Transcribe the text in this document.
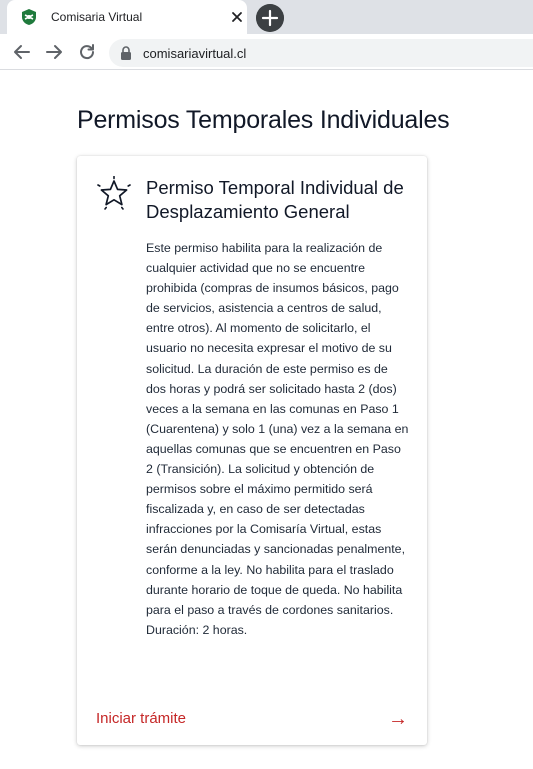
Comisaria Virtual
comisariavirtual.cl
Permisos Temporales Individuales
Permiso Temporal Individual de Desplazamiento General

Este permiso habilita para la realización de cualquier actividad que no se encuentre prohibida (compras de insumos básicos, pago de servicios, asistencia a centros de salud, entre otros). Al momento de solicitarlo, el usuario no necesita expresar el motivo de su solicitud. La duración de este permiso es de dos horas y podrá ser solicitado hasta 2 (dos) veces a la semana en las comunas en Paso 1 (Cuarentena) y solo 1 (una) vez a la semana en aquellas comunas que se encuentren en Paso 2 (Transición). La solicitud y obtención de permisos sobre el máximo permitido será fiscalizada y, en caso de ser detectadas infracciones por la Comisaría Virtual, estas serán denunciadas y sancionadas penalmente, conforme a la ley. No habilita para el traslado durante horario de toque de queda. No habilita para el paso a través de cordones sanitarios. Duración: 2 horas.

Iniciar trámite	→
